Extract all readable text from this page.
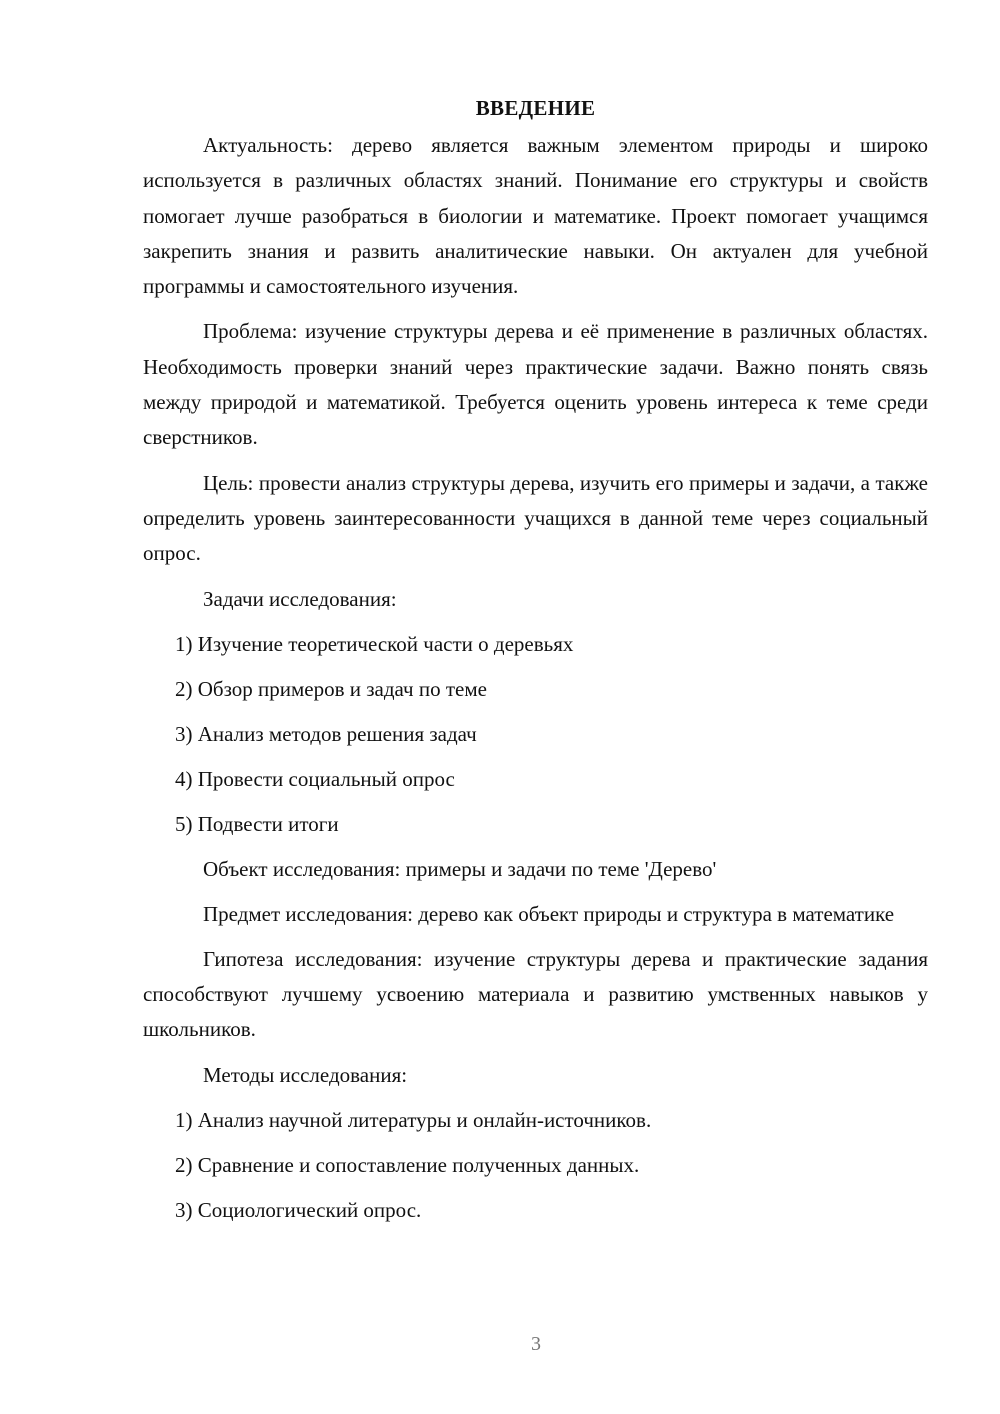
ВВЕДЕНИЕ

Актуальность: дерево является важным элементом природы и широко используется в различных областях знаний. Понимание его структуры и свойств помогает лучше разобраться в биологии и математике. Проект помогает учащимся закрепить знания и развить аналитические навыки. Он актуален для учебной программы и самостоятельного изучения.

Проблема: изучение структуры дерева и её применение в различных областях. Необходимость проверки знаний через практические задачи. Важно понять связь между природой и математикой. Требуется оценить уровень интереса к теме среди сверстников.

Цель: провести анализ структуры дерева, изучить его примеры и задачи, а также определить уровень заинтересованности учащихся в данной теме через социальный опрос.

Задачи исследования:
1) Изучение теоретической части о деревьях
2) Обзор примеров и задач по теме
3) Анализ методов решения задач
4) Провести социальный опрос
5) Подвести итоги
Объект исследования: примеры и задачи по теме 'Дерево'

Предмет исследования: дерево как объект природы и структура в математике

Гипотеза исследования: изучение структуры дерева и практические задания способствуют лучшему усвоению материала и развитию умственных навыков у школьников.

Методы исследования:
1) Анализ научной литературы и онлайн-источников.
2) Сравнение и сопоставление полученных данных.
3) Социологический опрос.
3
